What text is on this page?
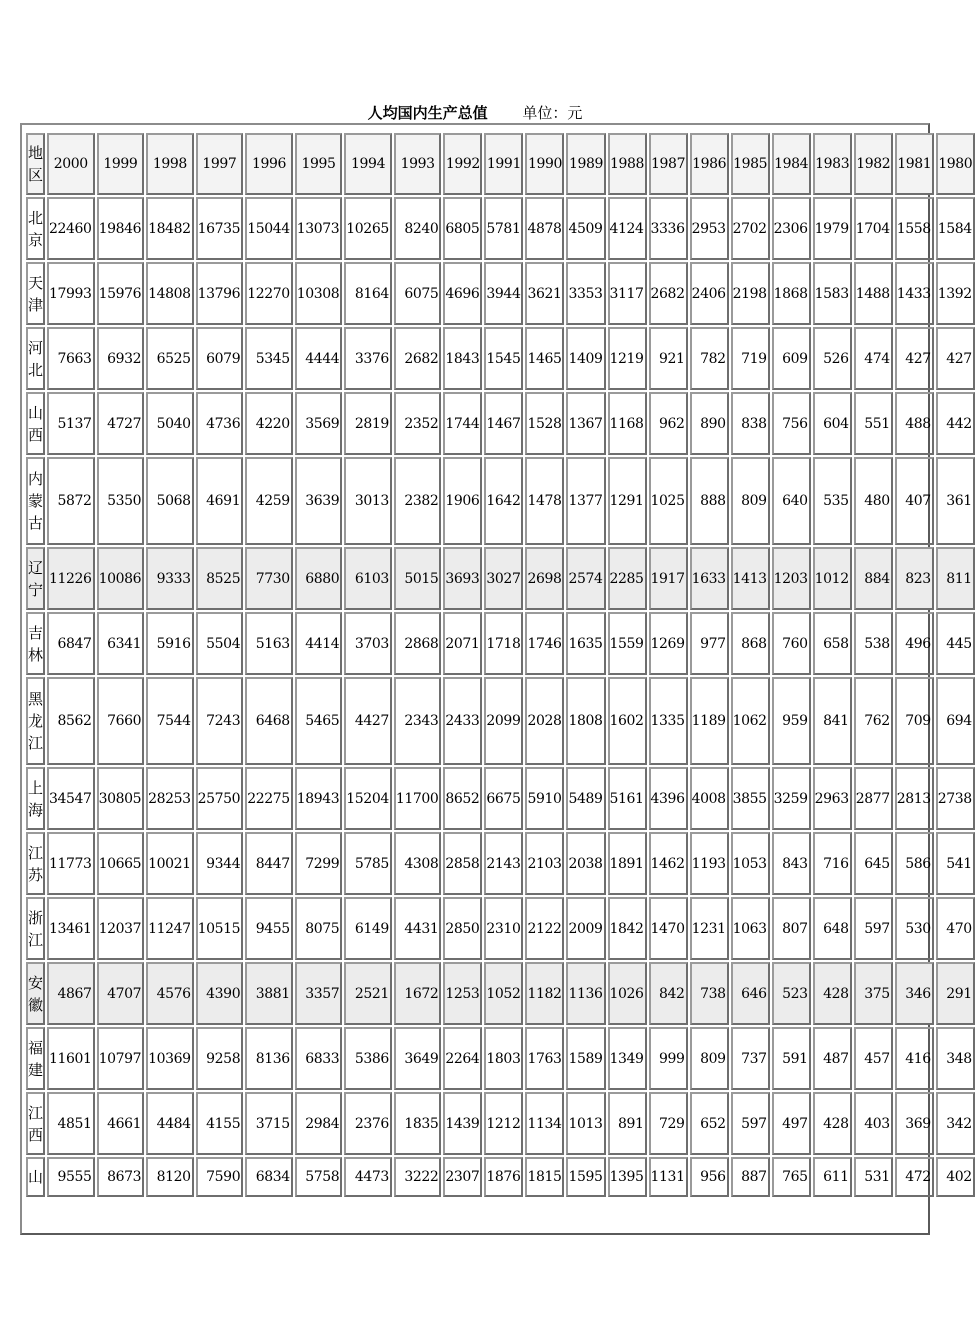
人均国内生产总值 单位：元
地区	2000	1999	1998	1997	1996	1995	1994	1993	1992	1991	1990	1989	1988	1987	1986	1985	1984	1983	1982	1981	1980
北京	22460	19846	18482	16735	15044	13073	10265	8240	6805	5781	4878	4509	4124	3336	2953	2702	2306	1979	1704	1558	1584
天津	17993	15976	14808	13796	12270	10308	8164	6075	4696	3944	3621	3353	3117	2682	2406	2198	1868	1583	1488	1433	1392
河北	7663	6932	6525	6079	5345	4444	3376	2682	1843	1545	1465	1409	1219	921	782	719	609	526	474	427	427
山西	5137	4727	5040	4736	4220	3569	2819	2352	1744	1467	1528	1367	1168	962	890	838	756	604	551	488	442
内蒙古	5872	5350	5068	4691	4259	3639	3013	2382	1906	1642	1478	1377	1291	1025	888	809	640	535	480	407	361
辽宁	11226	10086	9333	8525	7730	6880	6103	5015	3693	3027	2698	2574	2285	1917	1633	1413	1203	1012	884	823	811
吉林	6847	6341	5916	5504	5163	4414	3703	2868	2071	1718	1746	1635	1559	1269	977	868	760	658	538	496	445
黑龙江	8562	7660	7544	7243	6468	5465	4427	2343	2433	2099	2028	1808	1602	1335	1189	1062	959	841	762	709	694
上海	34547	30805	28253	25750	22275	18943	15204	11700	8652	6675	5910	5489	5161	4396	4008	3855	3259	2963	2877	2813	2738
江苏	11773	10665	10021	9344	8447	7299	5785	4308	2858	2143	2103	2038	1891	1462	1193	1053	843	716	645	586	541
浙江	13461	12037	11247	10515	9455	8075	6149	4431	2850	2310	2122	2009	1842	1470	1231	1063	807	648	597	530	470
安徽	4867	4707	4576	4390	3881	3357	2521	1672	1253	1052	1182	1136	1026	842	738	646	523	428	375	346	291
福建	11601	10797	10369	9258	8136	6833	5386	3649	2264	1803	1763	1589	1349	999	809	737	591	487	457	416	348
江西	4851	4661	4484	4155	3715	2984	2376	1835	1439	1212	1134	1013	891	729	652	597	497	428	403	369	342
山	9555	8673	8120	7590	6834	5758	4473	3222	2307	1876	1815	1595	1395	1131	956	887	765	611	531	472	402
